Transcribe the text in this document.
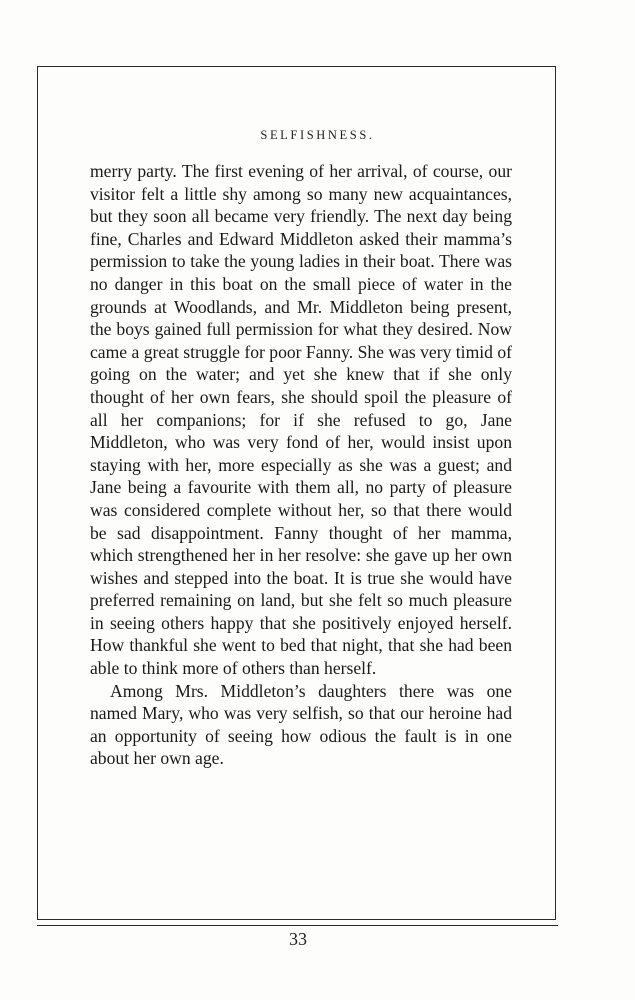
SELFISHNESS.

merry party. The first evening of her arrival, of course, our visitor felt a little shy among so many new acquaintances, but they soon all became very friendly. The next day being fine, Charles and Edward Middleton asked their mamma’s permission to take the young ladies in their boat. There was no danger in this boat on the small piece of water in the grounds at Woodlands, and Mr. Middleton being present, the boys gained full permission for what they desired. Now came a great struggle for poor Fanny. She was very timid of going on the water; and yet she knew that if she only thought of her own fears, she should spoil the pleasure of all her companions; for if she refused to go, Jane Middleton, who was very fond of her, would insist upon staying with her, more especially as she was a guest; and Jane being a favourite with them all, no party of pleasure was considered complete without her, so that there would be sad disappointment. Fanny thought of her mamma, which strengthened her in her resolve: she gave up her own wishes and stepped into the boat. It is true she would have preferred remaining on land, but she felt so much pleasure in seeing others happy that she positively enjoyed herself. How thankful she went to bed that night, that she had been able to think more of others than herself.

Among Mrs. Middleton’s daughters there was one named Mary, who was very selfish, so that our heroine had an opportunity of seeing how odious the fault is in one about her own age.

33
